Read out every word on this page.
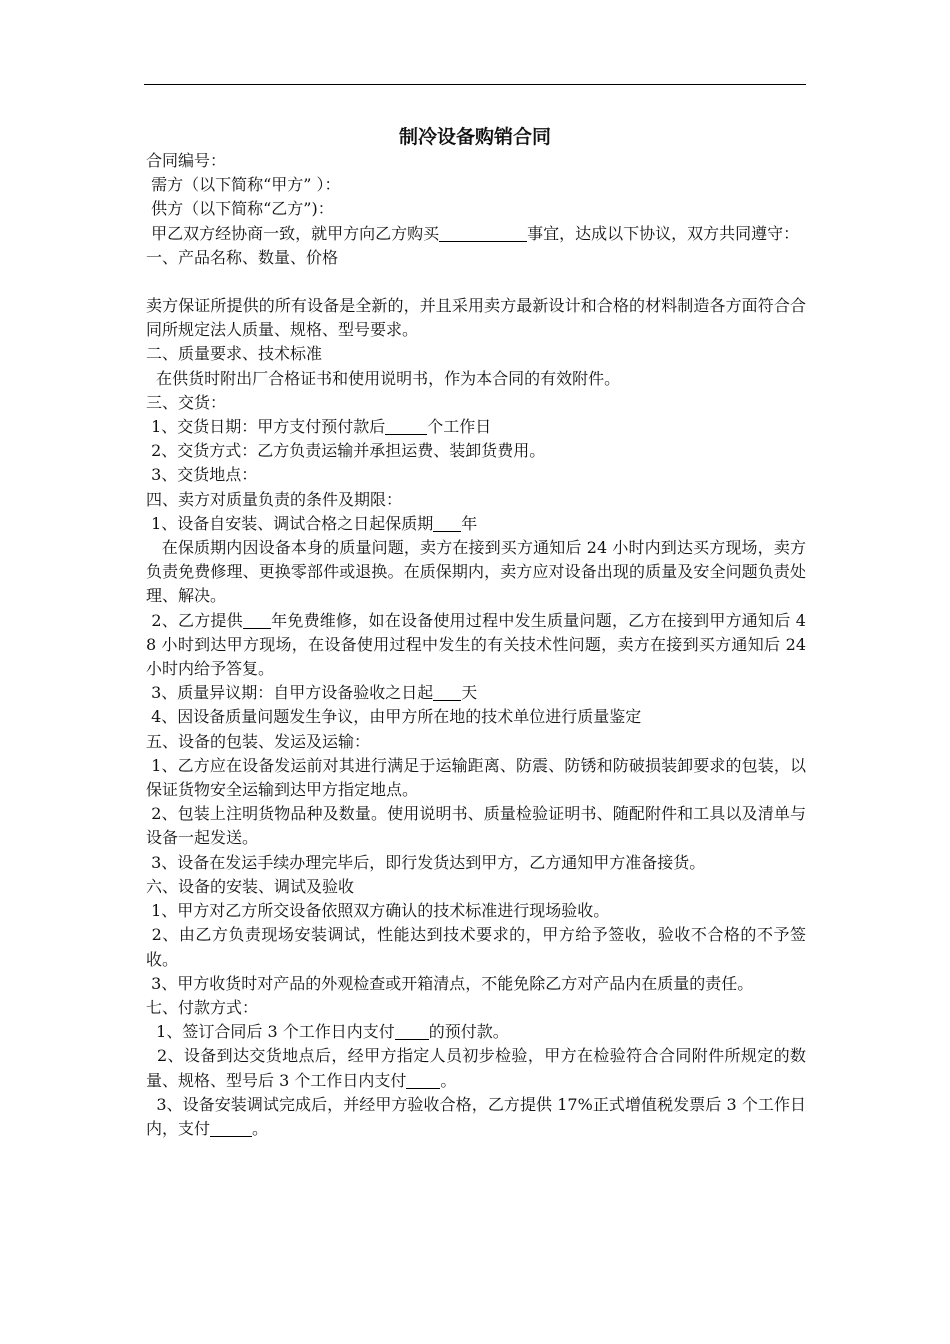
制冷设备购销合同

合同编号：

需方（以下简称“甲方” ）：

供方（以下简称“乙方”)：

甲乙双方经协商一致，就甲方向乙方购买	事宜，达成以下协议，双方共同遵守：

一、产品名称、数量、价格

卖方保证所提供的所有设备是全新的，并且采用卖方最新设计和合格的材料制造各方面符合合同所规定法人质量、规格、型号要求。

二、质量要求、技术标准

在供货时附出厂合格证书和使用说明书，作为本合同的有效附件。

三、交货：

1、交货日期：甲方支付预付款后	个工作日

2、交货方式：乙方负责运输并承担运费、装卸货费用。

3、交货地点：

四、卖方对质量负责的条件及期限：

1、设备自安装、调试合格之日起保质期 年

在保质期内因设备本身的质量问题，卖方在接到买方通知后 24 小时内到达买方现场，卖方负责免费修理、更换零部件或退换。在质保期内，卖方应对设备出现的质量及安全问题负责处理、解决。

2、乙方提供 年免费维修，如在设备使用过程中发生质量问题，乙方在接到甲方通知后 48 小时到达甲方现场，在设备使用过程中发生的有关技术性问题，卖方在接到买方通知后 24 小时内给予答复。

3、质量异议期：自甲方设备验收之日起 天

4、因设备质量问题发生争议，由甲方所在地的技术单位进行质量鉴定

五、设备的包装、发运及运输：

1、乙方应在设备发运前对其进行满足于运输距离、防震、防锈和防破损装卸要求的包装，以保证货物安全运输到达甲方指定地点。

2、包装上注明货物品种及数量。使用说明书、质量检验证明书、随配附件和工具以及清单与设备一起发送。

3、设备在发运手续办理完毕后，即行发货达到甲方，乙方通知甲方准备接货。

六、设备的安装、调试及验收

1、甲方对乙方所交设备依照双方确认的技术标准进行现场验收。

2、由乙方负责现场安装调试，性能达到技术要求的，甲方给予签收，验收不合格的不予签收。

3、甲方收货时对产品的外观检查或开箱清点，不能免除乙方对产品内在质量的责任。

七、付款方式：

1、签订合同后 3 个工作日内支付 的预付款。

2、设备到达交货地点后，经甲方指定人员初步检验，甲方在检验符合合同附件所规定的数量、规格、型号后 3 个工作日内支付 。

3、设备安装调试完成后，并经甲方验收合格，乙方提供 17%正式增值税发票后 3 个工作日内，支付	。
